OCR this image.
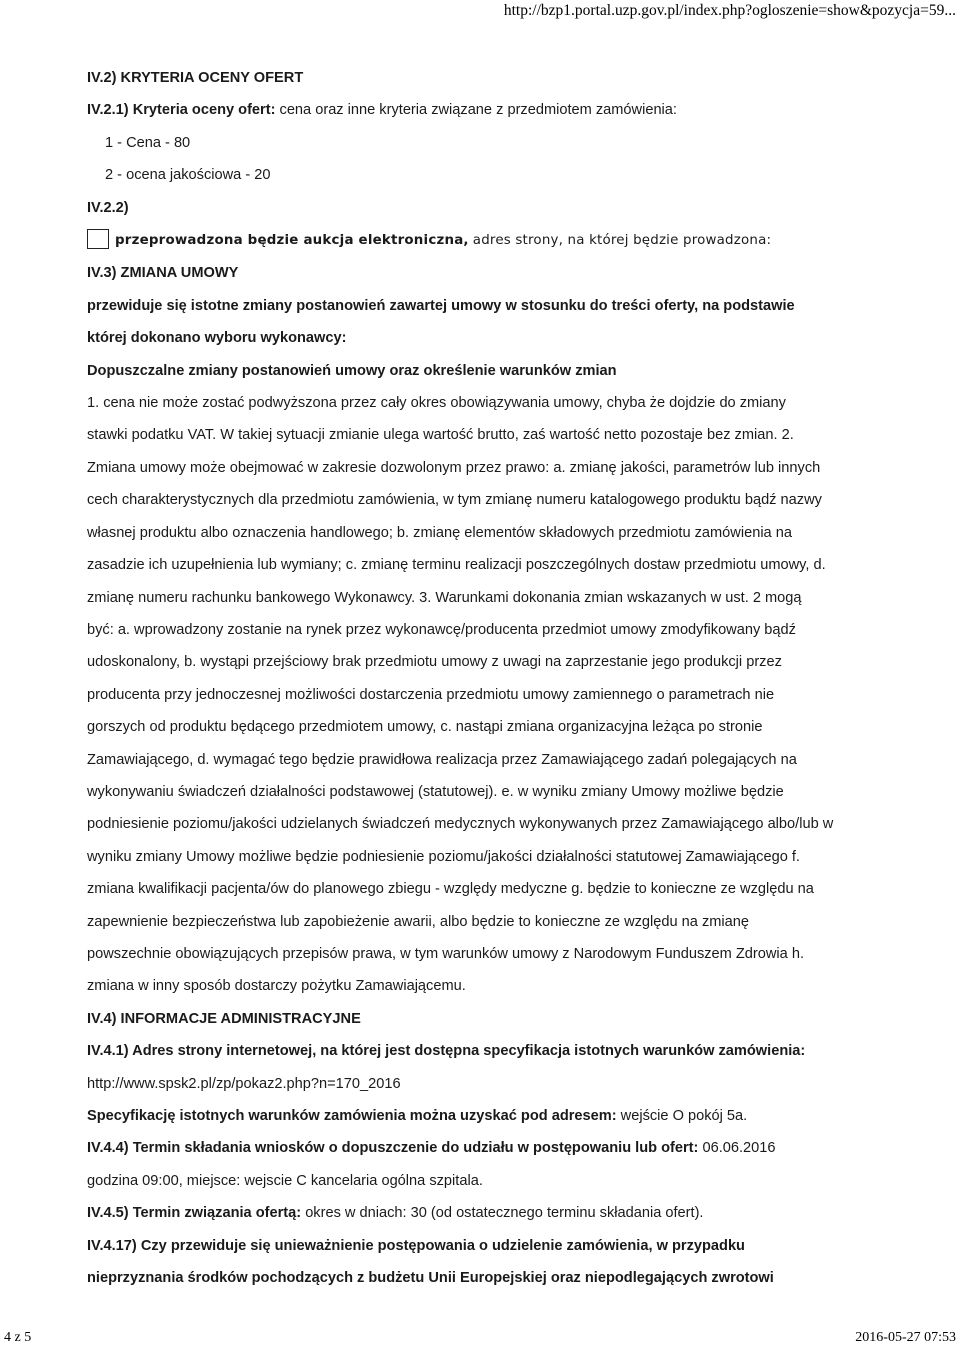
http://bzp1.portal.uzp.gov.pl/index.php?ogloszenie=show&pozycja=59...
IV.2) KRYTERIA OCENY OFERT
IV.2.1) Kryteria oceny ofert: cena oraz inne kryteria związane z przedmiotem zamówienia:
1 - Cena - 80
2 - ocena jakościowa - 20
IV.2.2)
przeprowadzona będzie aukcja elektroniczna, adres strony, na której będzie prowadzona:
IV.3) ZMIANA UMOWY
przewiduje się istotne zmiany postanowień zawartej umowy w stosunku do treści oferty, na podstawie
której dokonano wyboru wykonawcy:
Dopuszczalne zmiany postanowień umowy oraz określenie warunków zmian
1. cena nie może zostać podwyższona przez cały okres obowiązywania umowy, chyba że dojdzie do zmiany
stawki podatku VAT. W takiej sytuacji zmianie ulega wartość brutto, zaś wartość netto pozostaje bez zmian. 2.
Zmiana umowy może obejmować w zakresie dozwolonym przez prawo: a. zmianę jakości, parametrów lub innych
cech charakterystycznych dla przedmiotu zamówienia, w tym zmianę numeru katalogowego produktu bądź nazwy
własnej produktu albo oznaczenia handlowego; b. zmianę elementów składowych przedmiotu zamówienia na
zasadzie ich uzupełnienia lub wymiany; c. zmianę terminu realizacji poszczególnych dostaw przedmiotu umowy, d.
zmianę numeru rachunku bankowego Wykonawcy. 3. Warunkami dokonania zmian wskazanych w ust. 2 mogą
być: a. wprowadzony zostanie na rynek przez wykonawcę/producenta przedmiot umowy zmodyfikowany bądź
udoskonalony, b. wystąpi przejściowy brak przedmiotu umowy z uwagi na zaprzestanie jego produkcji przez
producenta przy jednoczesnej możliwości dostarczenia przedmiotu umowy zamiennego o parametrach nie
gorszych od produktu będącego przedmiotem umowy, c. nastąpi zmiana organizacyjna leżąca po stronie
Zamawiającego, d. wymagać tego będzie prawidłowa realizacja przez Zamawiającego zadań polegających na
wykonywaniu świadczeń działalności podstawowej (statutowej). e. w wyniku zmiany Umowy możliwe będzie
podniesienie poziomu/jakości udzielanych świadczeń medycznych wykonywanych przez Zamawiającego albo/lub w
wyniku zmiany Umowy możliwe będzie podniesienie poziomu/jakości działalności statutowej Zamawiającego f.
zmiana kwalifikacji pacjenta/ów do planowego zbiegu - względy medyczne g. będzie to konieczne ze względu na
zapewnienie bezpieczeństwa lub zapobieżenie awarii, albo będzie to konieczne ze względu na zmianę
powszechnie obowiązujących przepisów prawa, w tym warunków umowy z Narodowym Funduszem Zdrowia h.
zmiana w inny sposób dostarczy pożytku Zamawiającemu.
IV.4) INFORMACJE ADMINISTRACYJNE
IV.4.1) Adres strony internetowej, na której jest dostępna specyfikacja istotnych warunków zamówienia:
http://www.spsk2.pl/zp/pokaz2.php?n=170_2016
Specyfikację istotnych warunków zamówienia można uzyskać pod adresem: wejście O pokój 5a.
IV.4.4) Termin składania wniosków o dopuszczenie do udziału w postępowaniu lub ofert: 06.06.2016
godzina 09:00, miejsce: wejscie C kancelaria ogólna szpitala.
IV.4.5) Termin związania ofertą: okres w dniach: 30 (od ostatecznego terminu składania ofert).
IV.4.17) Czy przewiduje się unieważnienie postępowania o udzielenie zamówienia, w przypadku
nieprzyznania środków pochodzących z budżetu Unii Europejskiej oraz niepodlegających zwrotowi
4 z 5	2016-05-27 07:53
